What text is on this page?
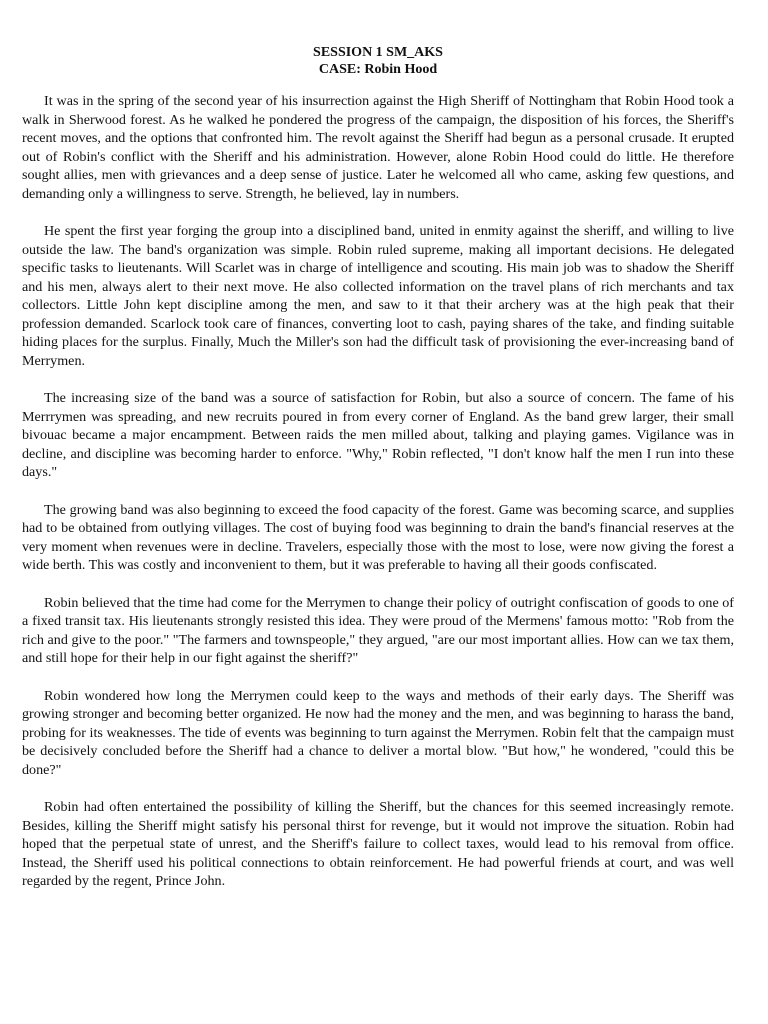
SESSION 1 SM_AKS
CASE: Robin Hood

It was in the spring of the second year of his insurrection against the High Sheriff of Nottingham that Robin Hood took a walk in Sherwood forest. As he walked he pondered the progress of the campaign, the disposition of his forces, the Sheriff's recent moves, and the options that confronted him. The revolt against the Sheriff had begun as a personal crusade. It erupted out of Robin's conflict with the Sheriff and his administration. However, alone Robin Hood could do little. He therefore sought allies, men with grievances and a deep sense of justice. Later he welcomed all who came, asking few questions, and demanding only a willingness to serve. Strength, he believed, lay in numbers.

He spent the first year forging the group into a disciplined band, united in enmity against the sheriff, and willing to live outside the law. The band's organization was simple. Robin ruled supreme, making all important decisions. He delegated specific tasks to lieutenants. Will Scarlet was in charge of intelligence and scouting. His main job was to shadow the Sheriff and his men, always alert to their next move. He also collected information on the travel plans of rich merchants and tax collectors. Little John kept discipline among the men, and saw to it that their archery was at the high peak that their profession demanded. Scarlock took care of finances, converting loot to cash, paying shares of the take, and finding suitable hiding places for the surplus. Finally, Much the Miller's son had the difficult task of provisioning the ever-increasing band of Merrymen.

The increasing size of the band was a source of satisfaction for Robin, but also a source of concern. The fame of his Merrrymen was spreading, and new recruits poured in from every corner of England. As the band grew larger, their small bivouac became a major encampment. Between raids the men milled about, talking and playing games. Vigilance was in decline, and discipline was becoming harder to enforce. "Why," Robin reflected, "I don't know half the men I run into these days."

The growing band was also beginning to exceed the food capacity of the forest. Game was becoming scarce, and supplies had to be obtained from outlying villages. The cost of buying food was beginning to drain the band's financial reserves at the very moment when revenues were in decline. Travelers, especially those with the most to lose, were now giving the forest a wide berth. This was costly and inconvenient to them, but it was preferable to having all their goods confiscated.

Robin believed that the time had come for the Merrymen to change their policy of outright confiscation of goods to one of a fixed transit tax. His lieutenants strongly resisted this idea. They were proud of the Mermens' famous motto: "Rob from the rich and give to the poor." "The farmers and townspeople," they argued, "are our most important allies. How can we tax them, and still hope for their help in our fight against the sheriff?"

Robin wondered how long the Merrymen could keep to the ways and methods of their early days. The Sheriff was growing stronger and becoming better organized. He now had the money and the men, and was beginning to harass the band, probing for its weaknesses. The tide of events was beginning to turn against the Merrymen. Robin felt that the campaign must be decisively concluded before the Sheriff had a chance to deliver a mortal blow. "But how," he wondered, "could this be done?"

Robin had often entertained the possibility of killing the Sheriff, but the chances for this seemed increasingly remote. Besides, killing the Sheriff might satisfy his personal thirst for revenge, but it would not improve the situation. Robin had hoped that the perpetual state of unrest, and the Sheriff's failure to collect taxes, would lead to his removal from office. Instead, the Sheriff used his political connections to obtain reinforcement. He had powerful friends at court, and was well regarded by the regent, Prince John.
